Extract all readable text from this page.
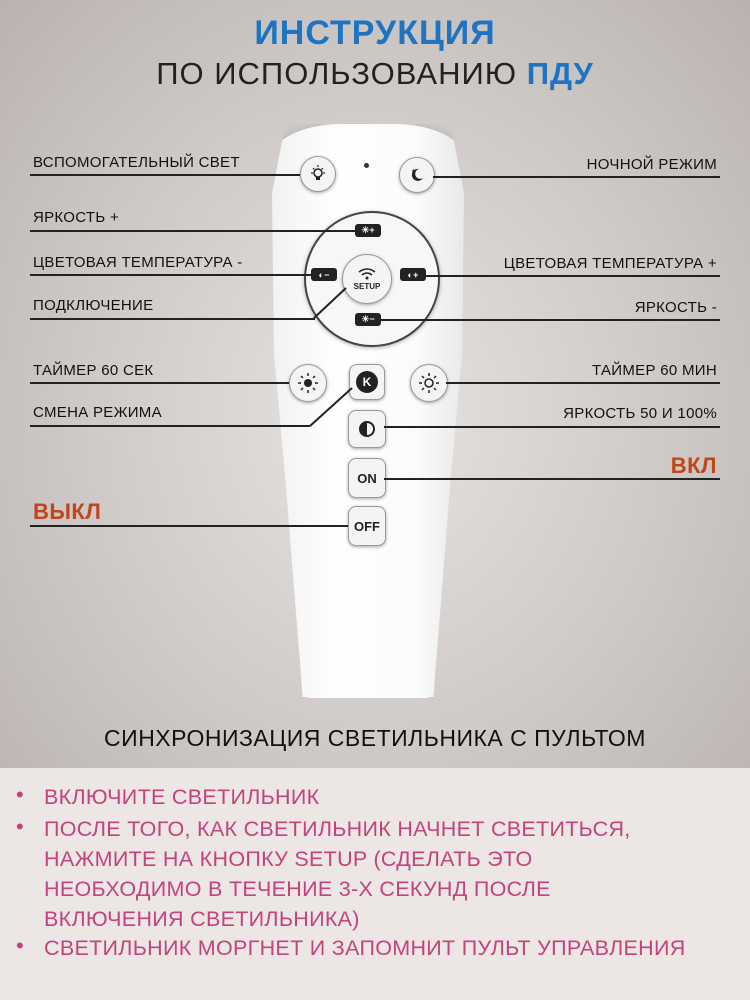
ИНСТРУКЦИЯ
ПО ИСПОЛЬЗОВАНИЮ ПДУ
★
☀+
☀−
◐−	◐+
SETUP
K
ON
OFF
ВСПОМОГАТЕЛЬНЫЙ СВЕТ	НОЧНОЙ РЕЖИМ
ЯРКОСТЬ +
ЦВЕТОВАЯ ТЕМПЕРАТУРА -	ЦВЕТОВАЯ ТЕМПЕРАТУРА +
ПОДКЛЮЧЕНИЕ	ЯРКОСТЬ -
ТАЙМЕР 60 СЕК	ТАЙМЕР 60 МИН
СМЕНА РЕЖИМА	ЯРКОСТЬ 50 И 100%
ВКЛ
ВЫКЛ
СИНХРОНИЗАЦИЯ СВЕТИЛЬНИКА С ПУЛЬТОМ
• ВКЛЮЧИТЕ СВЕТИЛЬНИК
• ПОСЛЕ ТОГО, КАК СВЕТИЛЬНИК НАЧНЕТ СВЕТИТЬСЯ,
НАЖМИТЕ НА КНОПКУ SETUP (СДЕЛАТЬ ЭТО
НЕОБХОДИМО В ТЕЧЕНИЕ 3-Х СЕКУНД ПОСЛЕ
ВКЛЮЧЕНИЯ СВЕТИЛЬНИКА)
• СВЕТИЛЬНИК МОРГНЕТ И ЗАПОМНИТ ПУЛЬТ УПРАВЛЕНИЯ
